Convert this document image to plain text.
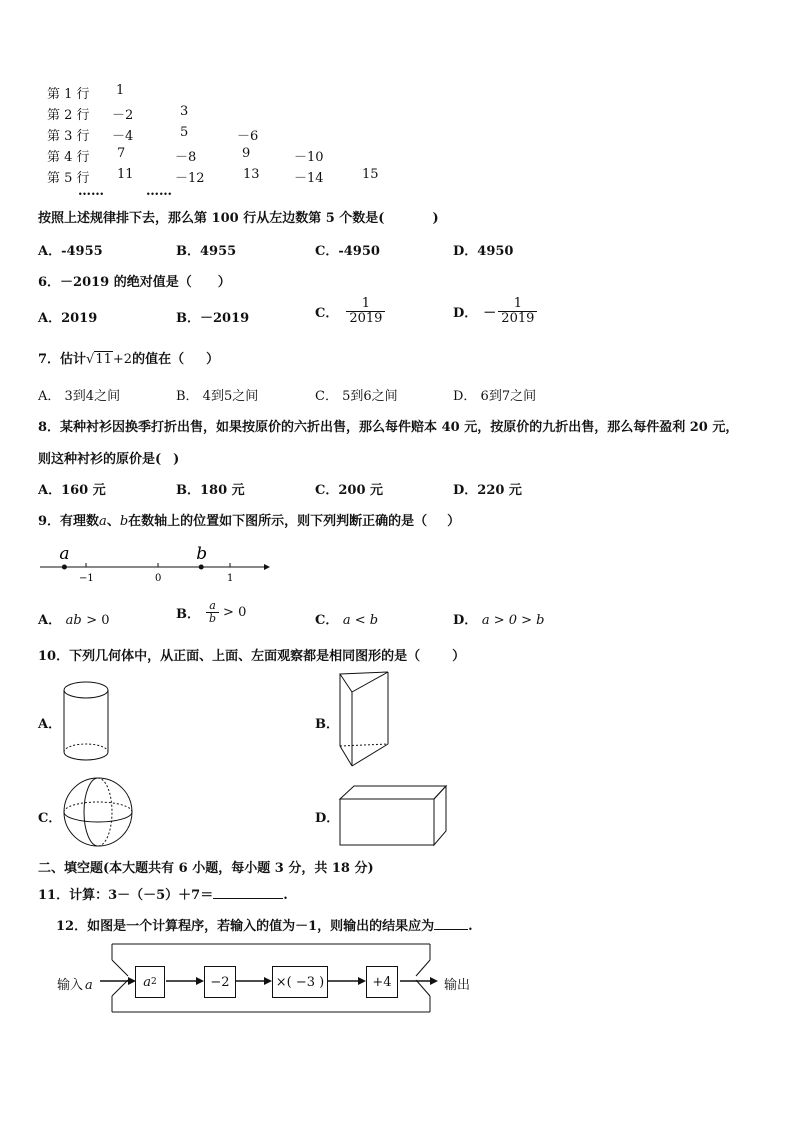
第 1 行 1
第 2 行 －2	3
第 3 行 －4	5	－6
第 4 行 7	－8	9	－10
第 5 行 11	－12	13	－14	15
……	……
按照上述规律排下去，那么第 100 行从左边数第 5 个数是(	)
A．-4955	B．4955	C．-4950	D．4950
6．－2019 的绝对值是（ ）
A．2019	B．－2019	C． $\frac{1}{2019}$	D． － $\frac{1}{2019}$
7．估计√11+2的值在（ ）
A． 3到4之间	B． 4到5之间	C． 5到6之间	D． 6到7之间
8．某种衬衫因换季打折出售，如果按原价的六折出售，那么每件赔本 40 元，按原价的九折出售，那么每件盈利 20 元，
则这种衬衫的原价是( )
A．160 元	B．180 元	C．200 元	D．220 元
9．有理数a、b在数轴上的位置如下图所示，则下列判断正确的是（ ）
a	b
−1	0	1
A． ab > 0	B． $\frac{a}{b} > 0$
C． a < b	D． a > 0 > b
10．下列几何体中，从正面、上面、左面观察都是相同图形的是（ ）
A．	B．
C．	D．
二、填空题(本大题共有 6 小题，每小题 3 分，共 18 分)
11．计算：3－（－5）＋7＝	.
12．如图是一个计算程序，若输入的值为－1，则输出的结果应为	.
输入 a	a 2	−2	×( −3 )	+4	输出
